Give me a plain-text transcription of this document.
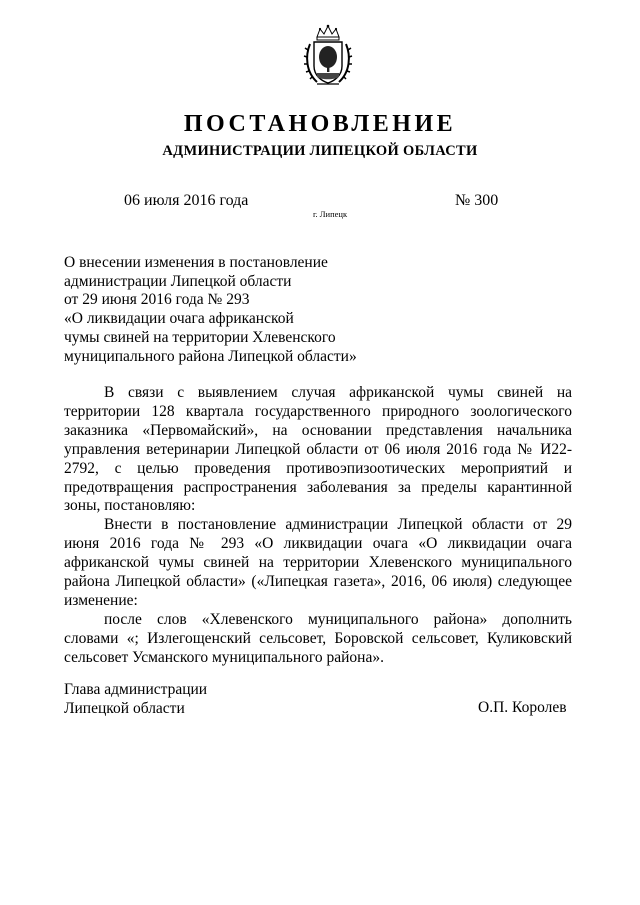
ПОСТАНОВЛЕНИЕ
АДМИНИСТРАЦИИ ЛИПЕЦКОЙ ОБЛАСТИ
06 июля 2016 года
г. Липецк
№ 300
О внесении изменения в постановление
администрации Липецкой области
от 29 июня 2016 года № 293
«О ликвидации очага африканской
чумы свиней на территории Хлевенского
муниципального района Липецкой области»

В связи с выявлением случая африканской чумы свиней на территории 128 квартала государственного природного зоологического заказника «Первомайский», на основании представления начальника управления ветеринарии Липецкой области от 06 июля 2016 года № И22-2792, с целью проведения противоэпизоотических мероприятий и предотвращения распространения заболевания за пределы карантинной зоны, постановляю:

Внести в постановление администрации Липецкой области от 29 июня 2016 года № 293 «О ликвидации очага «О ликвидации очага африканской чумы свиней на территории Хлевенского муниципального района Липецкой области» («Липецкая газета», 2016, 06 июля) следующее изменение:

после слов «Хлевенского муниципального района» дополнить словами «; Излегощенский сельсовет, Боровской сельсовет, Куликовский сельсовет Усманского муниципального района».

Глава администрации
Липецкой области	О.П. Королев
